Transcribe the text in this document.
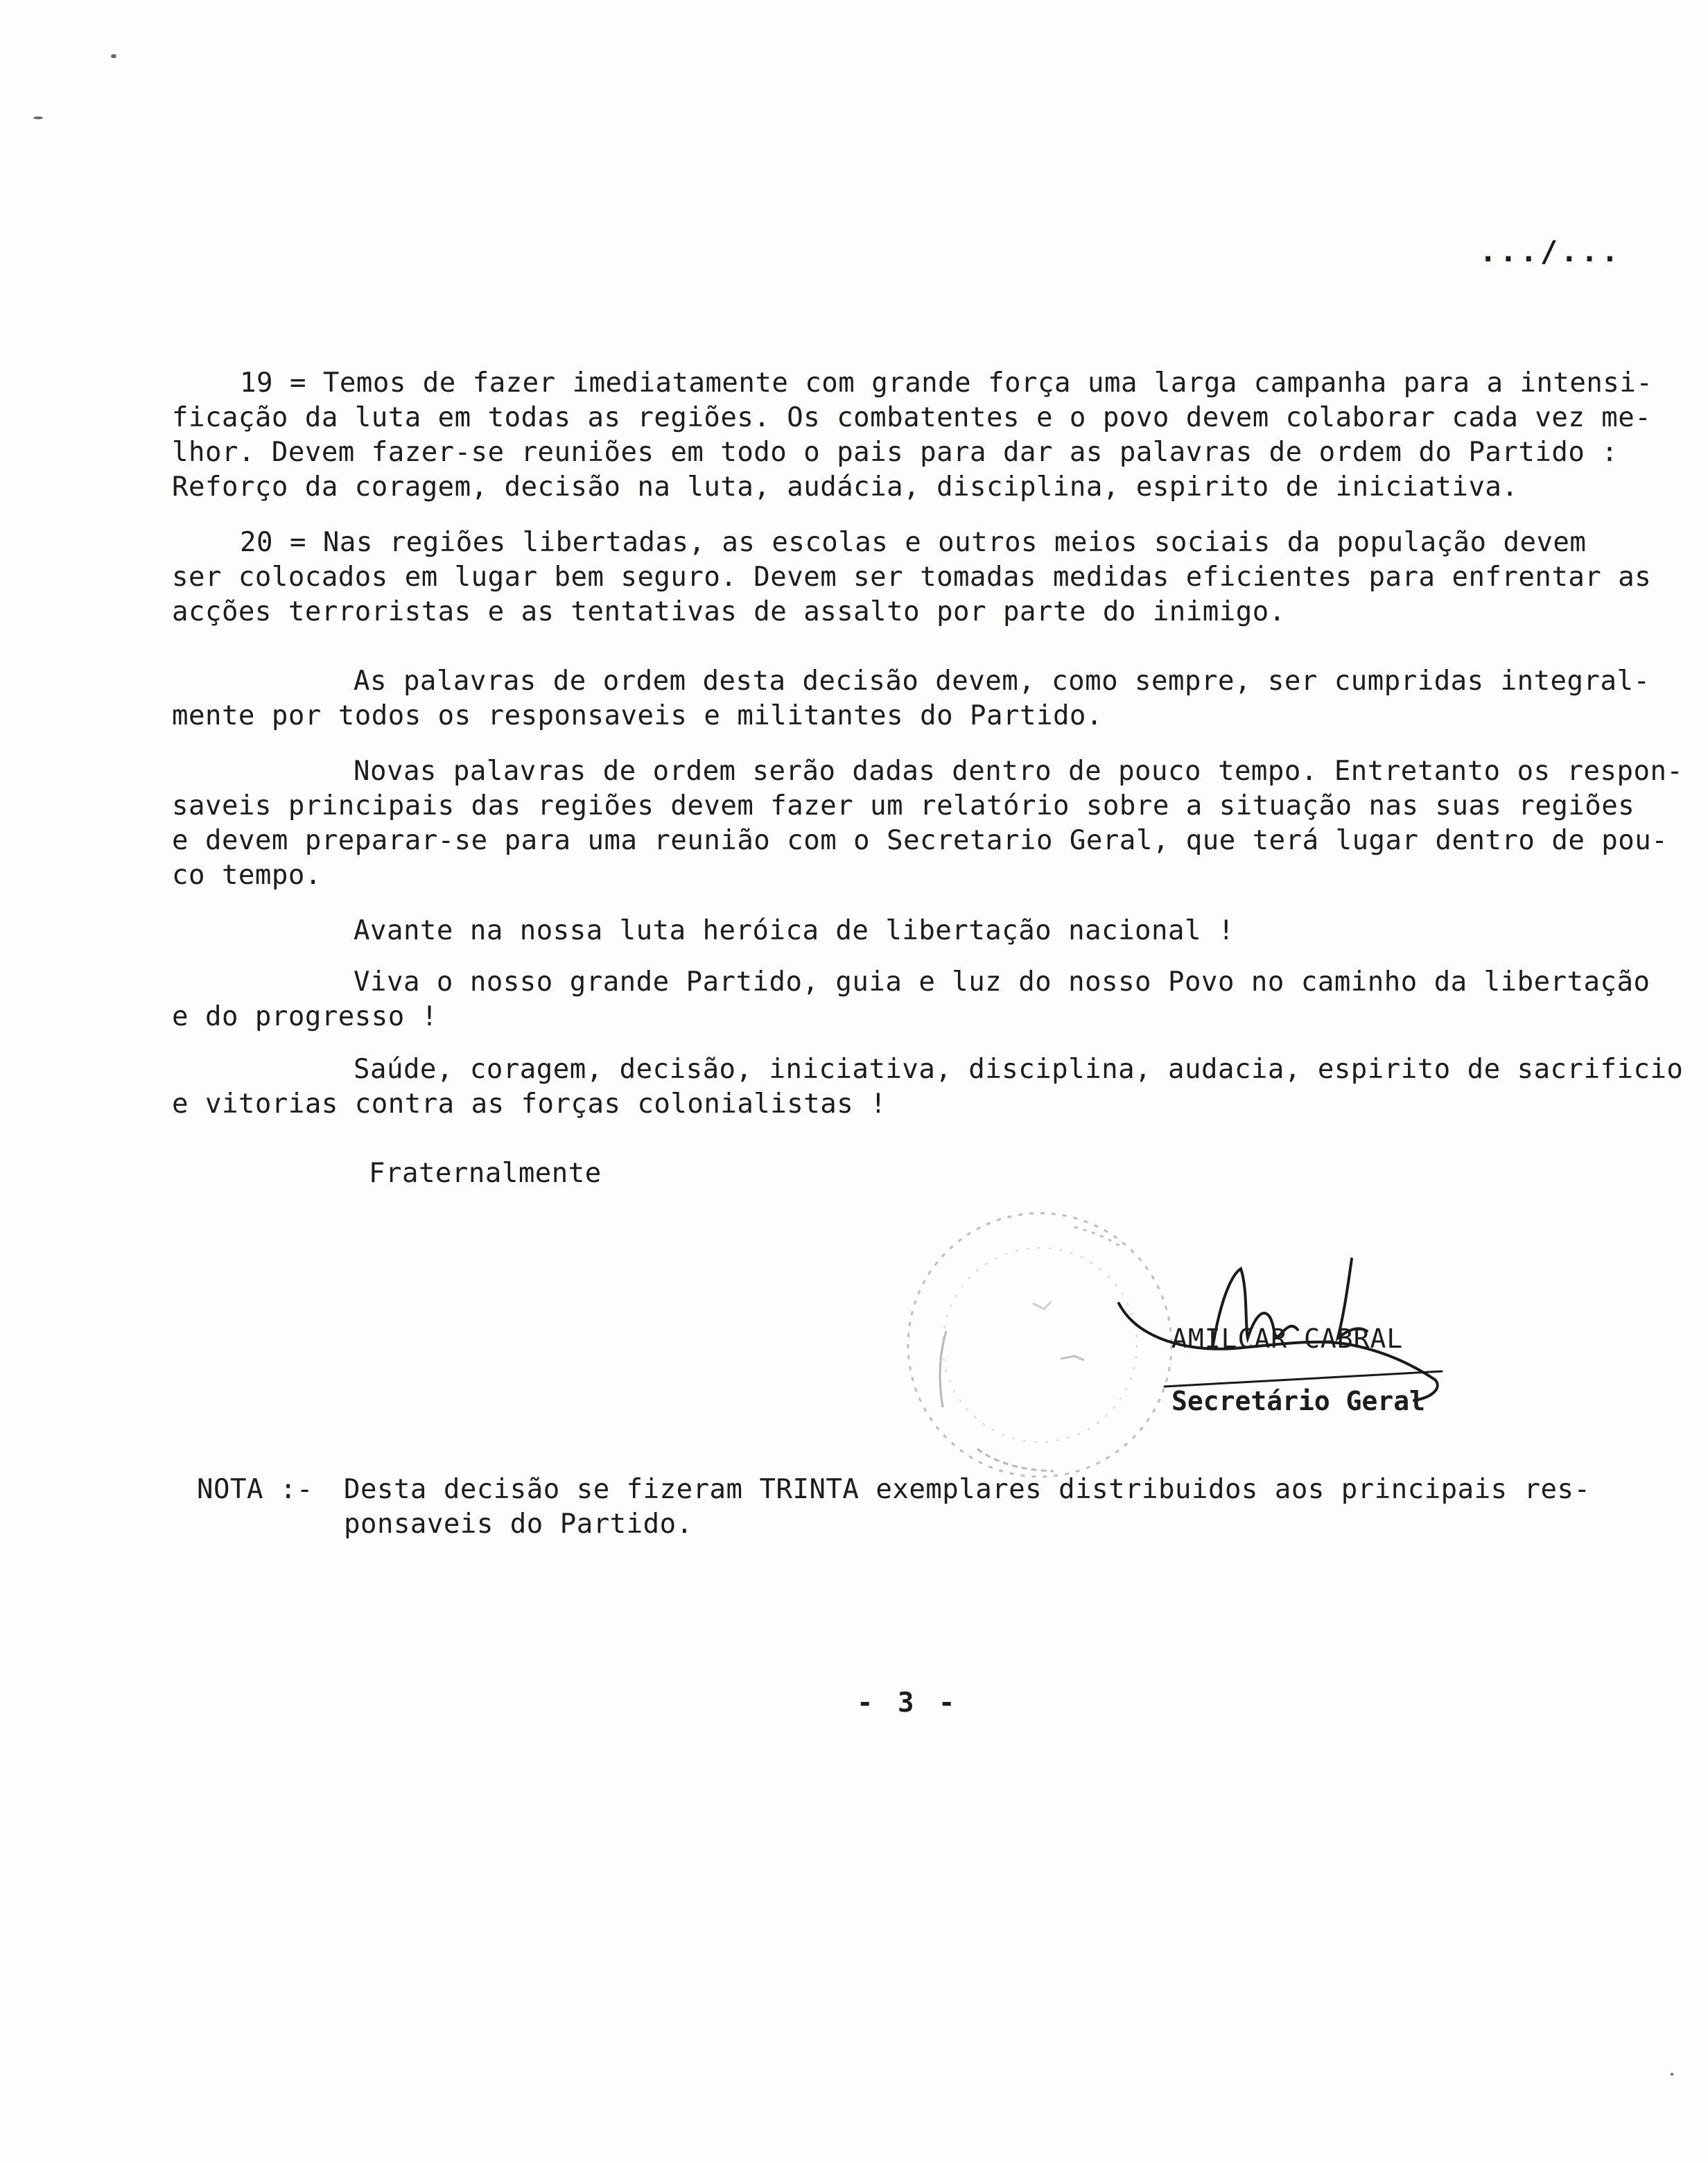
.../...
19 = Temos de fazer imediatamente com grande força uma larga campanha para a intensi-
ficação da luta em todas as regiões. Os combatentes e o povo devem colaborar cada vez me-
lhor. Devem fazer-se reuniões em todo o pais para dar as palavras de ordem do Partido :
Reforço da coragem, decisão na luta, audácia, disciplina, espirito de iniciativa.
20 = Nas regiões libertadas, as escolas e outros meios sociais da população devem
ser colocados em lugar bem seguro. Devem ser tomadas medidas eficientes para enfrentar as
acções terroristas e as tentativas de assalto por parte do inimigo.
As palavras de ordem desta decisão devem, como sempre, ser cumpridas integral-
mente por todos os responsaveis e militantes do Partido.
Novas palavras de ordem serão dadas dentro de pouco tempo. Entretanto os respon-
saveis principais das regiões devem fazer um relatório sobre a situação nas suas regiões
e devem preparar-se para uma reunião com o Secretario Geral, que terá lugar dentro de pou-
co tempo.
Avante na nossa luta heróica de libertação nacional !
Viva o nosso grande Partido, guia e luz do nosso Povo no caminho da libertação
e do progresso !
Saúde, coragem, decisão, iniciativa, disciplina, audacia, espirito de sacrificio
e vitorias contra as forças colonialistas !
Fraternalmente
AMILCAR CABRAL
Secretário Geral
NOTA :- Desta decisão se fizeram TRINTA exemplares distribuidos aos principais res-
ponsaveis do Partido.
- 3 -
